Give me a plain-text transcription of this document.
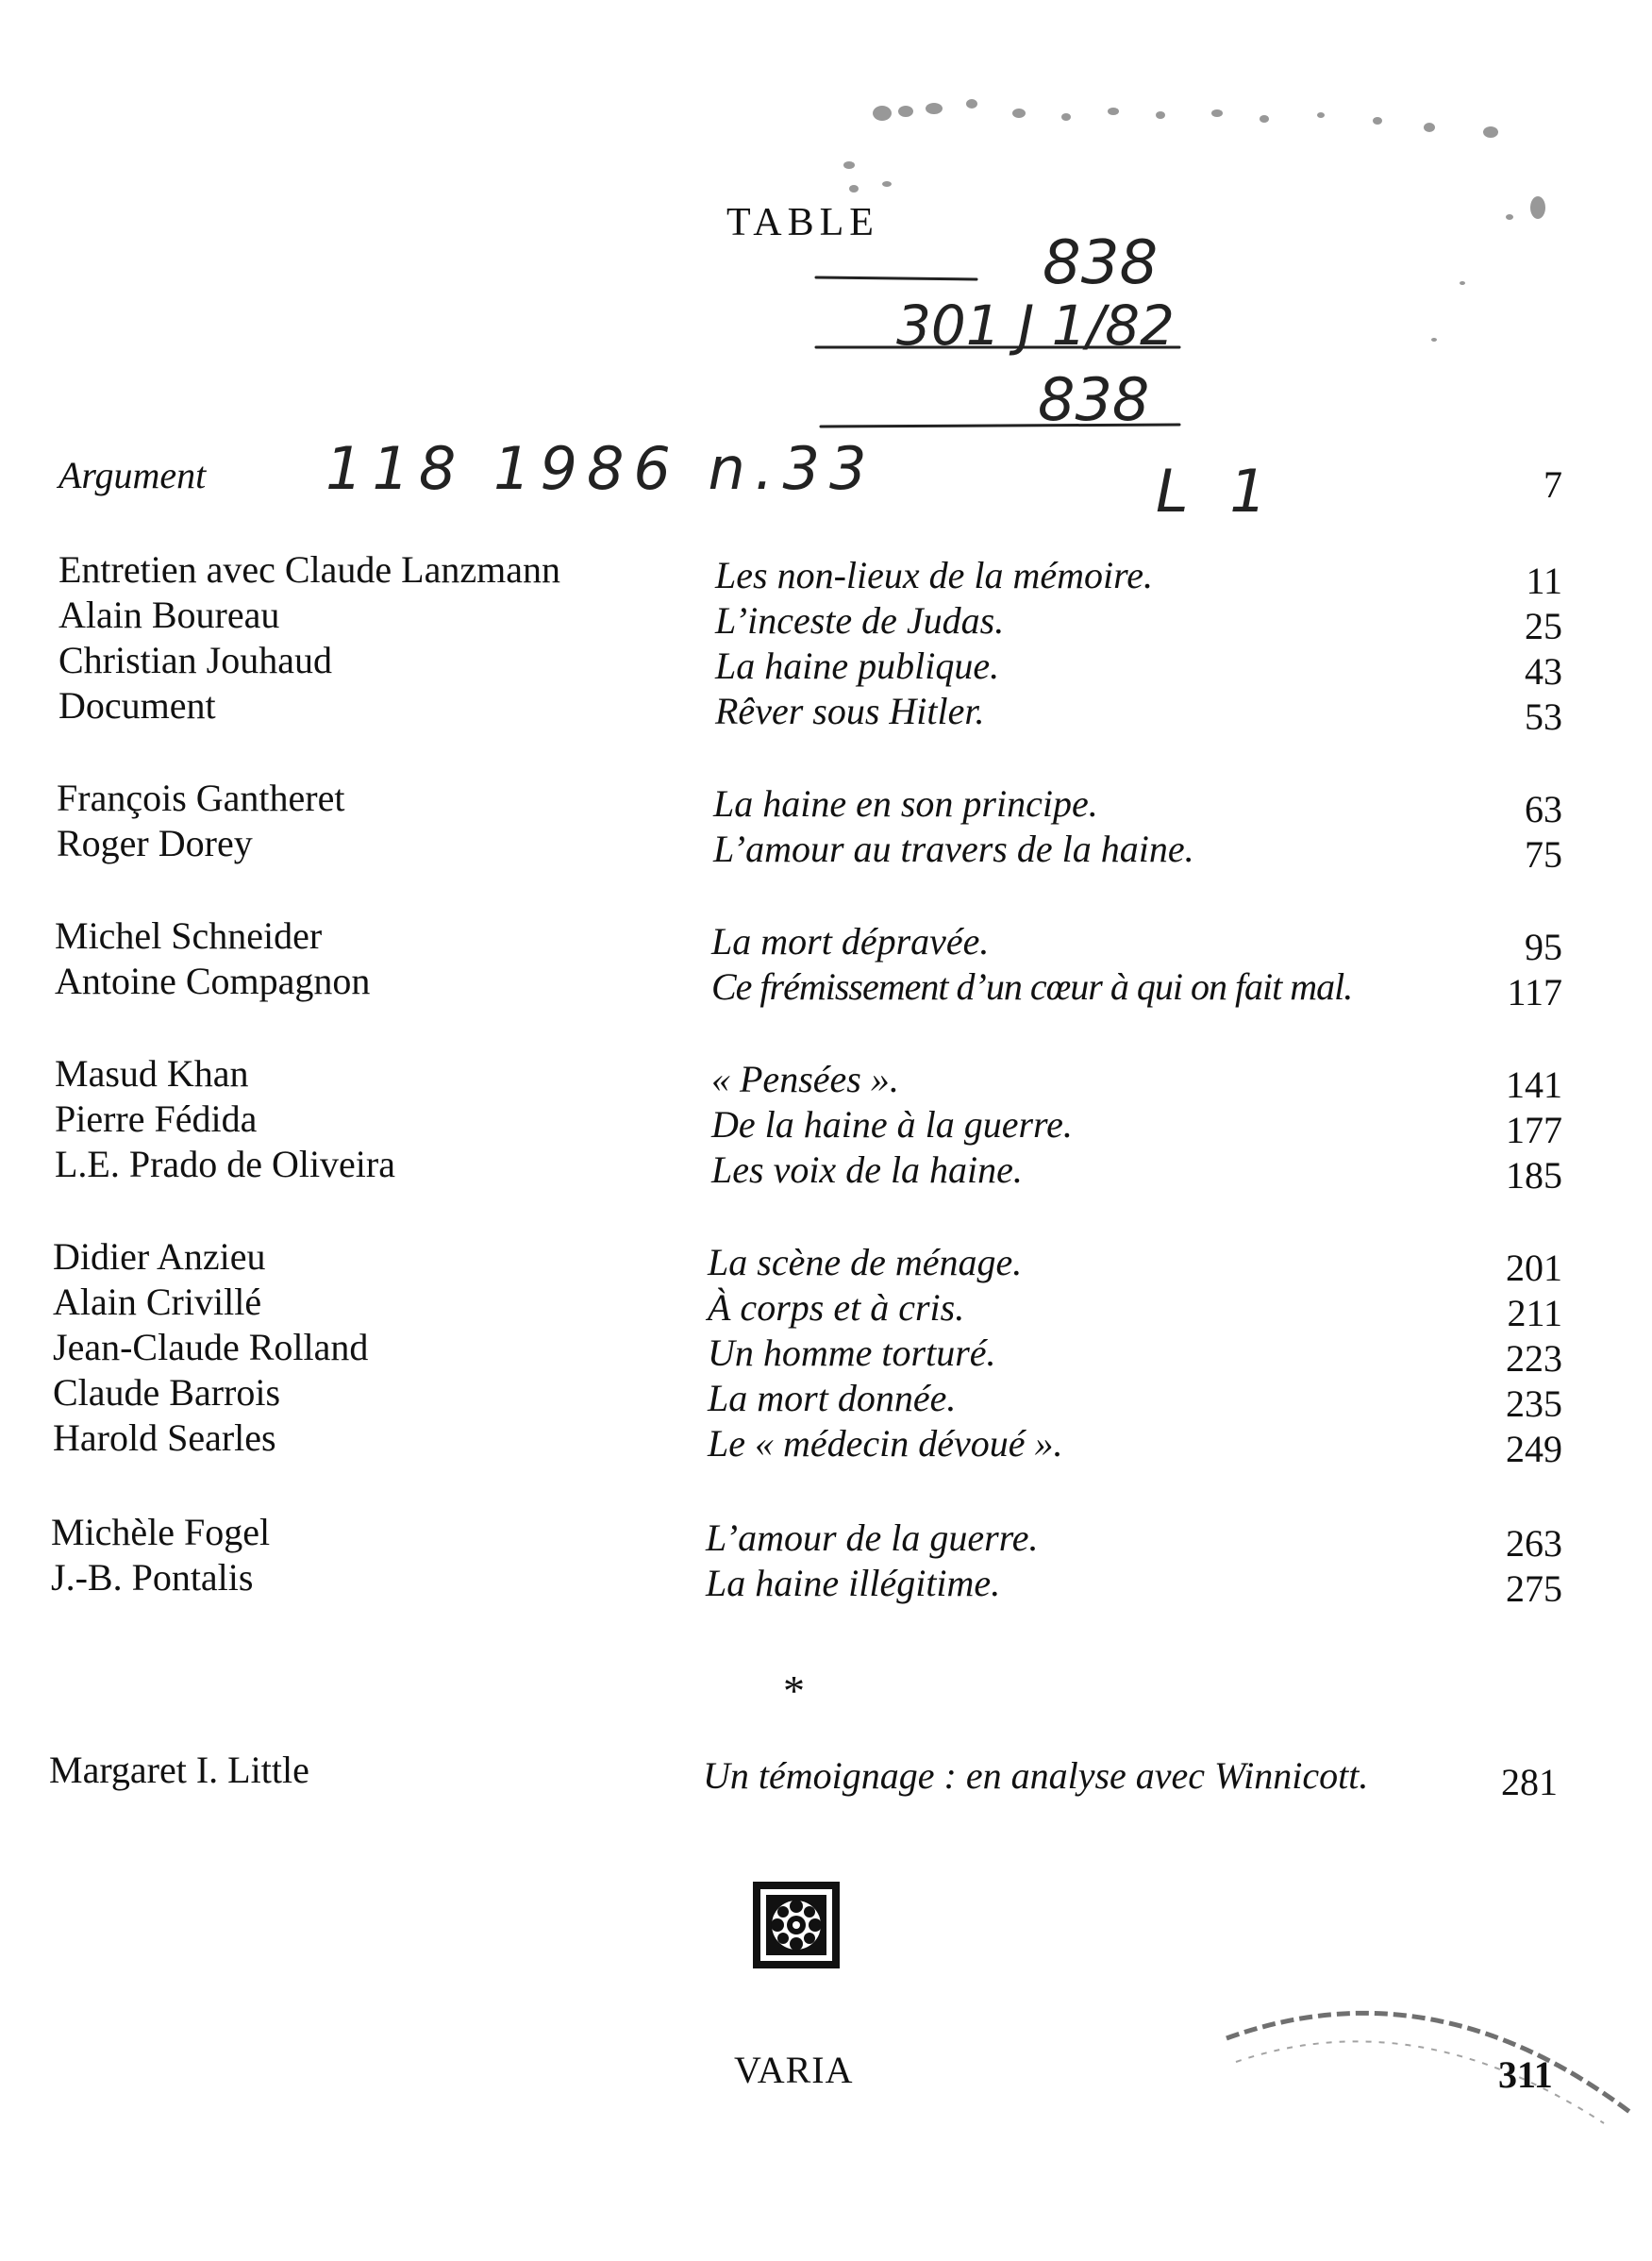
838
301 J 1/82
838
118 1986 n.33	L 1
TABLE
Argument	7
Entretien avec Claude Lanzmann	Les non-lieux de la mémoire.	11
Alain Boureau	L’inceste de Judas.	25
Christian Jouhaud	La haine publique.	43
Document	Rêver sous Hitler.	53
François Gantheret	La haine en son principe.	63
Roger Dorey	L’amour au travers de la haine.	75
Michel Schneider	La mort dépravée.	95
Antoine Compagnon	Ce frémissement d’un cœur à qui on fait mal.	117
Masud Khan	« Pensées ».	141
Pierre Fédida	De la haine à la guerre.	177
L.E. Prado de Oliveira	Les voix de la haine.	185
Didier Anzieu	La scène de ménage.	201
Alain Crivillé	À corps et à cris.	211
Jean-Claude Rolland	Un homme torturé.	223
Claude Barrois	La mort donnée.	235
Harold Searles	Le « médecin dévoué ».	249
Michèle Fogel	L’amour de la guerre.	263
J.-B. Pontalis	La haine illégitime.	275
*
Margaret I. Little	Un témoignage : en analyse avec Winnicott.	281
VARIA	311
